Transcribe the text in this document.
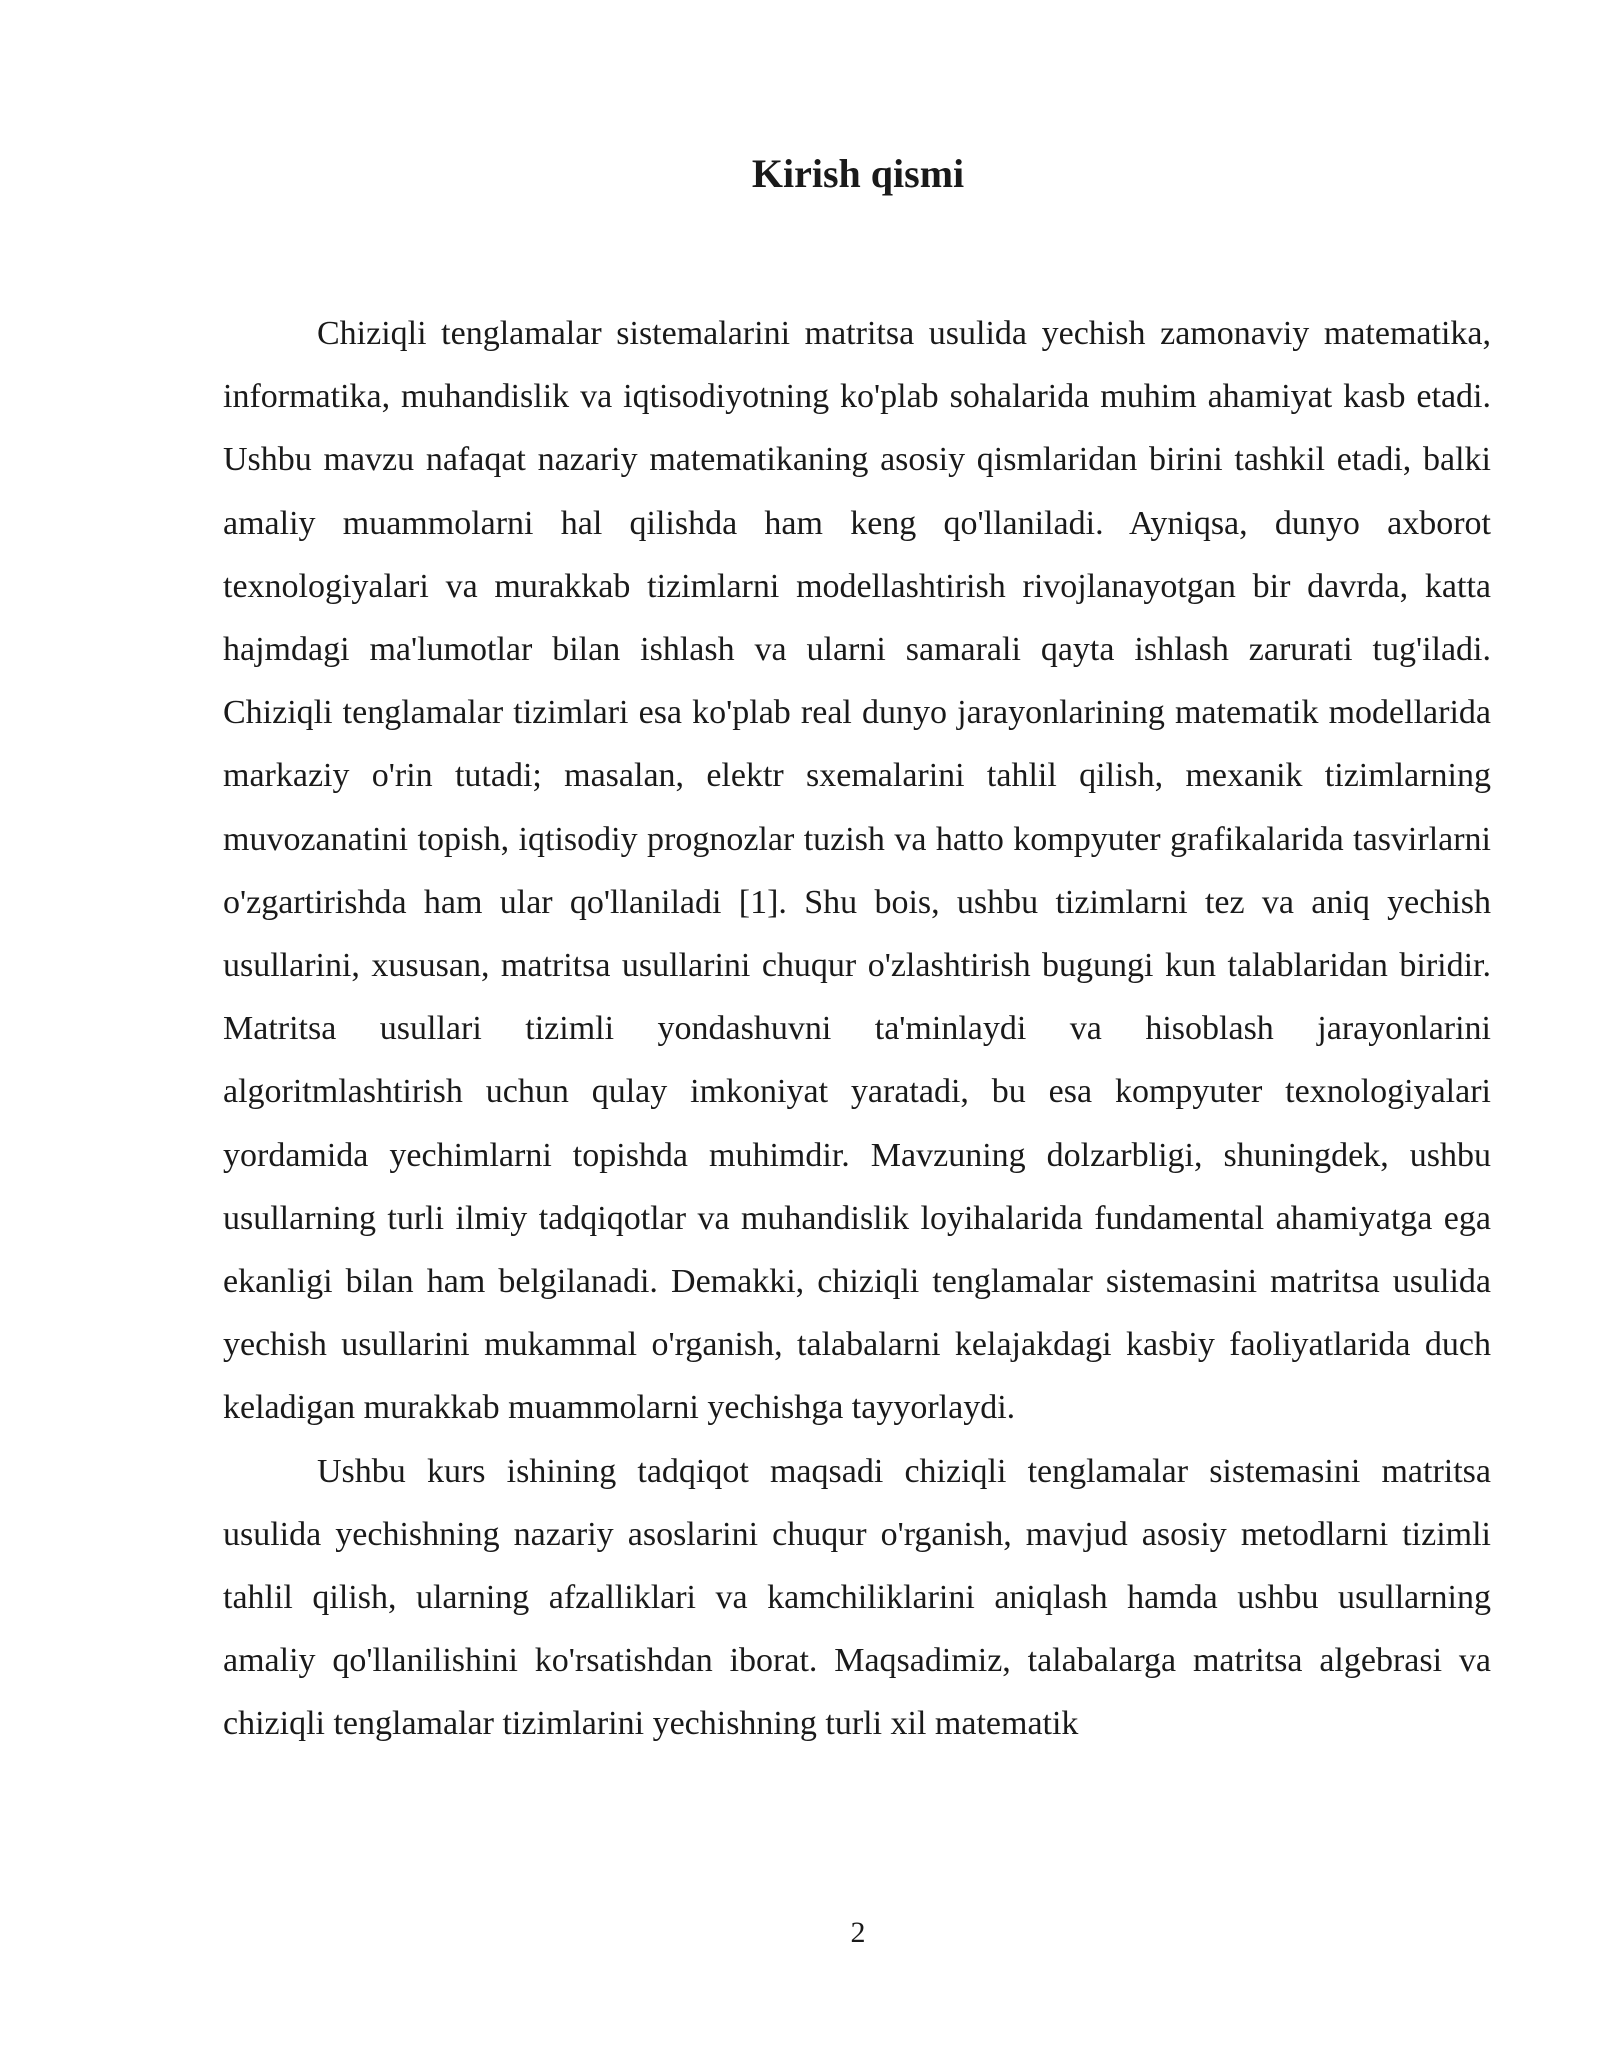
Kirish qismi

Chiziqli tenglamalar sistemalarini matritsa usulida yechish zamonaviy matematika, informatika, muhandislik va iqtisodiyotning ko'plab sohalarida muhim ahamiyat kasb etadi. Ushbu mavzu nafaqat nazariy matematikaning asosiy qismlaridan birini tashkil etadi, balki amaliy muammolarni hal qilishda ham keng qo'llaniladi. Ayniqsa, dunyo axborot texnologiyalari va murakkab tizimlarni modellashtirish rivojlanayotgan bir davrda, katta hajmdagi ma'lumotlar bilan ishlash va ularni samarali qayta ishlash zarurati tug'iladi. Chiziqli tenglamalar tizimlari esa ko'plab real dunyo jarayonlarining matematik modellarida markaziy o'rin tutadi; masalan, elektr sxemalarini tahlil qilish, mexanik tizimlarning muvozanatini topish, iqtisodiy prognozlar tuzish va hatto kompyuter grafikalarida tasvirlarni o'zgartirishda ham ular qo'llaniladi [1]. Shu bois, ushbu tizimlarni tez va aniq yechish usullarini, xususan, matritsa usullarini chuqur o'zlashtirish bugungi kun talablaridan biridir. Matritsa usullari tizimli yondashuvni ta'minlaydi va hisoblash jarayonlarini algoritmlashtirish uchun qulay imkoniyat yaratadi, bu esa kompyuter texnologiyalari yordamida yechimlarni topishda muhimdir. Mavzuning dolzarbligi, shuningdek, ushbu usullarning turli ilmiy tadqiqotlar va muhandislik loyihalarida fundamental ahamiyatga ega ekanligi bilan ham belgilanadi. Demakki, chiziqli tenglamalar sistemasini matritsa usulida yechish usullarini mukammal o'rganish, talabalarni kelajakdagi kasbiy faoliyatlarida duch keladigan murakkab muammolarni yechishga tayyorlaydi.

Ushbu kurs ishining tadqiqot maqsadi chiziqli tenglamalar sistemasini matritsa usulida yechishning nazariy asoslarini chuqur o'rganish, mavjud asosiy metodlarni tizimli tahlil qilish, ularning afzalliklari va kamchiliklarini aniqlash hamda ushbu usullarning amaliy qo'llanilishini ko'rsatishdan iborat. Maqsadimiz, talabalarga matritsa algebrasi va chiziqli tenglamalar tizimlarini yechishning turli xil matematik

2
